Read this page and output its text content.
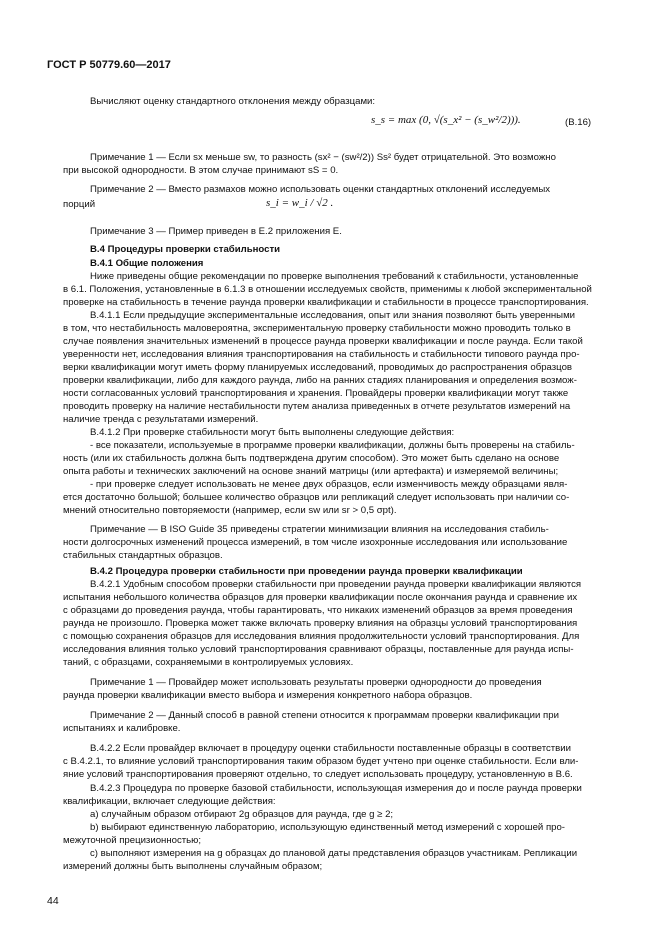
ГОСТ Р 50779.60—2017
Вычисляют оценку стандартного отклонения между образцами:
s_s = max (0, √(s_x² − (s_w²/2))).	(B.16)
Примечание 1 — Если sx меньше sw, то разность (sx² − (sw²/2)) Ss² будет отрицательной. Это возможно
при высокой однородности. В этом случае принимают sS = 0.
Примечание 2 — Вместо размахов можно использовать оценки стандартных отклонений исследуемых
порций	s_i = w_i / √2 .
Примечание 3 — Пример приведен в Е.2 приложения Е.
В.4 Процедуры проверки стабильности
В.4.1 Общие положения
Ниже приведены общие рекомендации по проверке выполнения требований к стабильности, установленные
в 6.1. Положения, установленные в 6.1.3 в отношении исследуемых свойств, применимы к любой экспериментальной
проверке на стабильность в течение раунда проверки квалификации и стабильности в процессе транспортирования.
В.4.1.1 Если предыдущие экспериментальные исследования, опыт или знания позволяют быть уверенными
в том, что нестабильность маловероятна, экспериментальную проверку стабильности можно проводить только в
случае появления значительных изменений в процессе раунда проверки квалификации и после раунда. Если такой
уверенности нет, исследования влияния транспортирования на стабильность и стабильности типового раунда про-
верки квалификации могут иметь форму планируемых исследований, проводимых до распространения образцов
проверки квалификации, либо для каждого раунда, либо на ранних стадиях планирования и определения возмож-
ности согласованных условий транспортирования и хранения. Провайдеры проверки квалификации могут также
проводить проверку на наличие нестабильности путем анализа приведенных в отчете результатов измерений на
наличие тренда с результатами измерений.
В.4.1.2 При проверке стабильности могут быть выполнены следующие действия:
- все показатели, используемые в программе проверки квалификации, должны быть проверены на стабиль-
ность (или их стабильность должна быть подтверждена другим способом). Это может быть сделано на основе
опыта работы и технических заключений на основе знаний матрицы (или артефакта) и измеряемой величины;
- при проверке следует использовать не менее двух образцов, если изменчивость между образцами явля-
ется достаточно большой; большее количество образцов или репликаций следует использовать при наличии со-
мнений относительно повторяемости (например, если sw или sr > 0,5 σpt).
Примечание — В ISO Guide 35 приведены стратегии минимизации влияния на исследования стабиль-
ности долгосрочных изменений процесса измерений, в том числе изохронные исследования или использование
стабильных стандартных образцов.
В.4.2 Процедура проверки стабильности при проведении раунда проверки квалификации
В.4.2.1 Удобным способом проверки стабильности при проведении раунда проверки квалификации являются
испытания небольшого количества образцов для проверки квалификации после окончания раунда и сравнение их
с образцами до проведения раунда, чтобы гарантировать, что никаких изменений образцов за время проведения
раунда не произошло. Проверка может также включать проверку влияния на образцы условий транспортирования
с помощью сохранения образцов для исследования влияния продолжительности условий транспортирования. Для
исследования влияния только условий транспортирования сравнивают образцы, поставленные для раунда испы-
таний, с образцами, сохраняемыми в контролируемых условиях.
Примечание 1 — Провайдер может использовать результаты проверки однородности до проведения
раунда проверки квалификации вместо выбора и измерения конкретного набора образцов.
Примечание 2 — Данный способ в равной степени относится к программам проверки квалификации при
испытаниях и калибровке.
В.4.2.2 Если провайдер включает в процедуру оценки стабильности поставленные образцы в соответствии
с В.4.2.1, то влияние условий транспортирования таким образом будет учтено при оценке стабильности. Если вли-
яние условий транспортирования проверяют отдельно, то следует использовать процедуру, установленную в В.6.
В.4.2.3 Процедура по проверке базовой стабильности, использующая измерения до и после раунда проверки
квалификации, включает следующие действия:
а) случайным образом отбирают 2g образцов для раунда, где g ≥ 2;
b) выбирают единственную лабораторию, использующую единственный метод измерений с хорошей про-
межуточной прецизионностью;
с) выполняют измерения на g образцах до плановой даты представления образцов участникам. Репликации
измерений должны быть выполнены случайным образом;
44
